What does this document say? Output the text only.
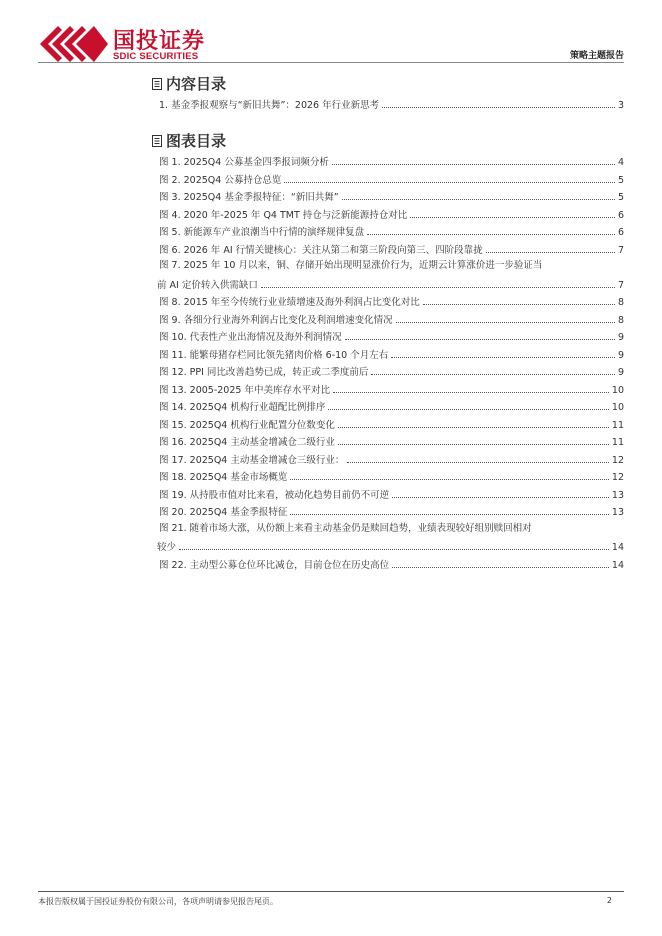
国投证券
SDIC SECURITIES	策略主题报告
内容目录
1. 基金季报观察与“新旧共舞”：2026 年行业新思考	3
图表目录
图 1. 2025Q4 公募基金四季报词频分析	4
图 2. 2025Q4 公募持仓总览	5
图 3. 2025Q4 基金季报特征：“新旧共舞”	5
图 4. 2020 年-2025 年 Q4 TMT 持仓与泛新能源持仓对比	6
图 5. 新能源车产业浪潮当中行情的演绎规律复盘	6
图 6. 2026 年 AI 行情关键核心：关注从第二和第三阶段向第三、四阶段靠拢	7
图 7. 2025 年 10 月以来，铜、存储开始出现明显涨价行为，近期云计算涨价进一步验证当
前 AI 定价转入供需缺口	7
图 8. 2015 年至今传统行业业绩增速及海外利润占比变化对比	8
图 9. 各细分行业海外利润占比变化及利润增速变化情况	8
图 10. 代表性产业出海情况及海外利润情况	9
图 11. 能繁母猪存栏同比领先猪肉价格 6-10 个月左右	9
图 12. PPI 同比改善趋势已成，转正或二季度前后	9
图 13. 2005-2025 年中美库存水平对比	10
图 14. 2025Q4 机构行业超配比例排序	10
图 15. 2025Q4 机构行业配置分位数变化	11
图 16. 2025Q4 主动基金增减仓二级行业	11
图 17. 2025Q4 主动基金增减仓三级行业：	12
图 18. 2025Q4 基金市场概览	12
图 19. 从持股市值对比来看，被动化趋势目前仍不可逆	13
图 20. 2025Q4 基金季报特征	13
图 21. 随着市场大涨，从份额上来看主动基金仍是赎回趋势，业绩表现较好组别赎回相对
较少	14
图 22. 主动型公募仓位环比减仓，目前仓位在历史高位	14
本报告版权属于国投证券股份有限公司，各项声明请参见报告尾页。	2
